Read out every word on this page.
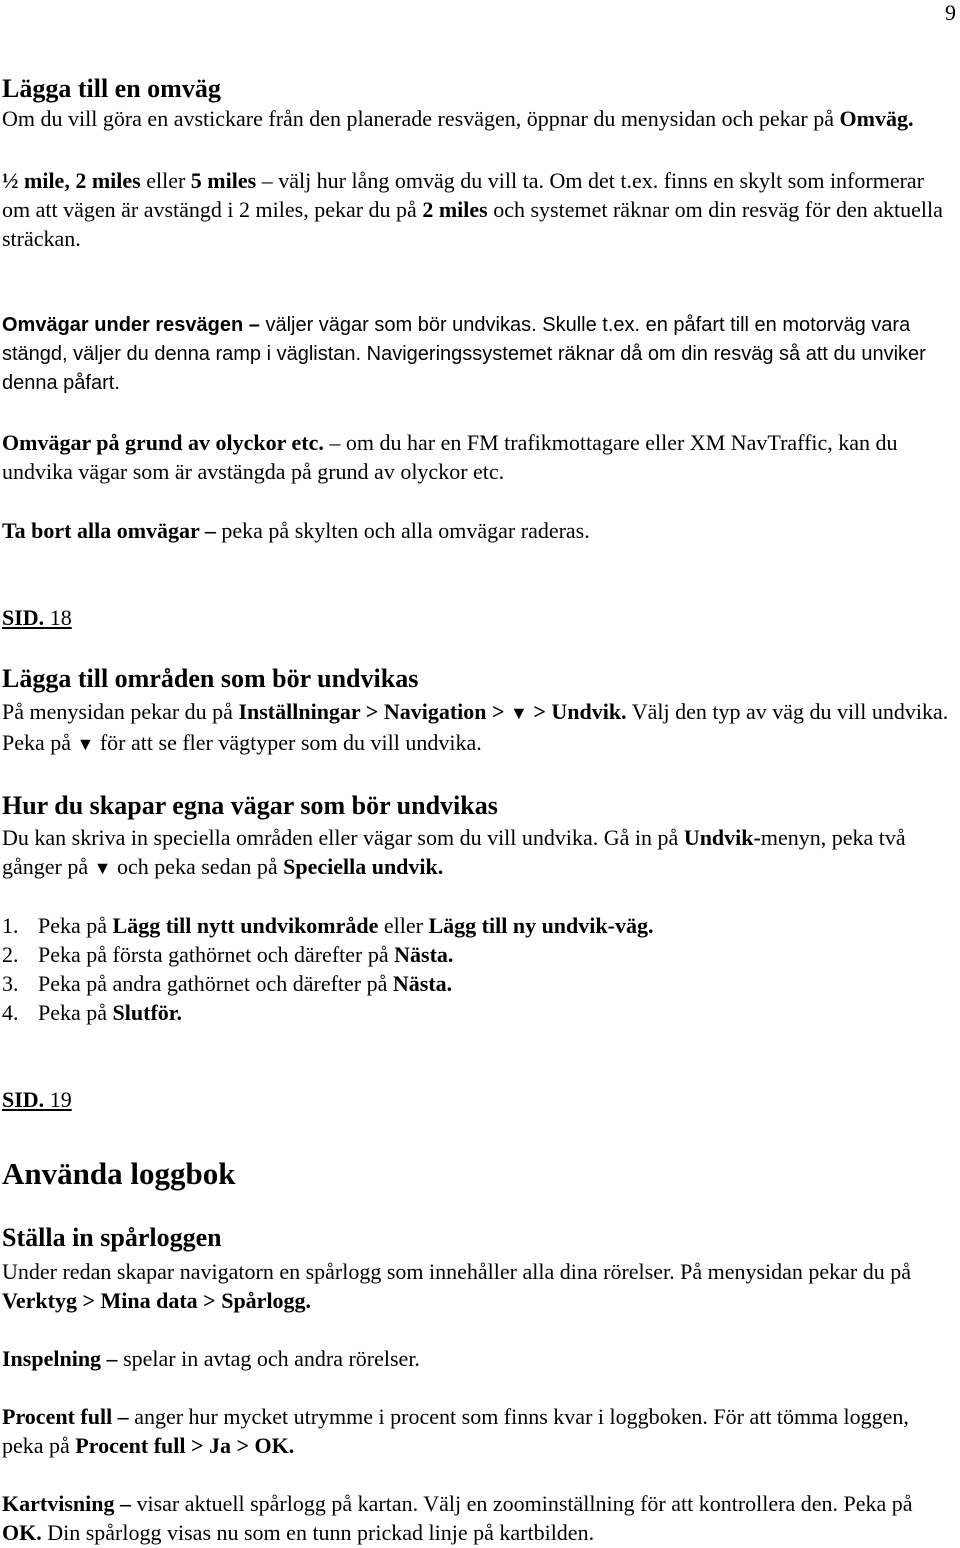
9
Lägga till en omväg

Om du vill göra en avstickare från den planerade resvägen, öppnar du menysidan och pekar på Omväg.

½ mile, 2 miles eller 5 miles – välj hur lång omväg du vill ta. Om det t.ex. finns en skylt som informerar om att vägen är avstängd i 2 miles, pekar du på 2 miles och systemet räknar om din resväg för den aktuella sträckan.

Omvägar under resvägen – väljer vägar som bör undvikas. Skulle t.ex. en påfart till en motorväg vara stängd, väljer du denna ramp i väglistan. Navigeringssystemet räknar då om din resväg så att du unviker denna påfart.

Omvägar på grund av olyckor etc. – om du har en FM trafikmottagare eller XM NavTraffic, kan du undvika vägar som är avstängda på grund av olyckor etc.

Ta bort alla omvägar – peka på skylten och alla omvägar raderas.

SID. 18
Lägga till områden som bör undvikas

På menysidan pekar du på Inställningar > Navigation > ▼ > Undvik. Välj den typ av väg du vill undvika. Peka på ▼ för att se fler vägtyper som du vill undvika.

Hur du skapar egna vägar som bör undvikas

Du kan skriva in speciella områden eller vägar som du vill undvika. Gå in på Undvik-menyn, peka två gånger på ▼ och peka sedan på Speciella undvik.

1. Peka på Lägg till nytt undvikområde eller Lägg till ny undvik-väg.
2. Peka på första gathörnet och därefter på Nästa.
3. Peka på andra gathörnet och därefter på Nästa.
4. Peka på Slutför.
SID. 19
Använda loggbok
Ställa in spårloggen

Under redan skapar navigatorn en spårlogg som innehåller alla dina rörelser. På menysidan pekar du på Verktyg > Mina data > Spårlogg.

Inspelning – spelar in avtag och andra rörelser.

Procent full – anger hur mycket utrymme i procent som finns kvar i loggboken. För att tömma loggen, peka på Procent full > Ja > OK.

Kartvisning – visar aktuell spårlogg på kartan. Välj en zoominställning för att kontrollera den. Peka på OK. Din spårlogg visas nu som en tunn prickad linje på kartbilden.
